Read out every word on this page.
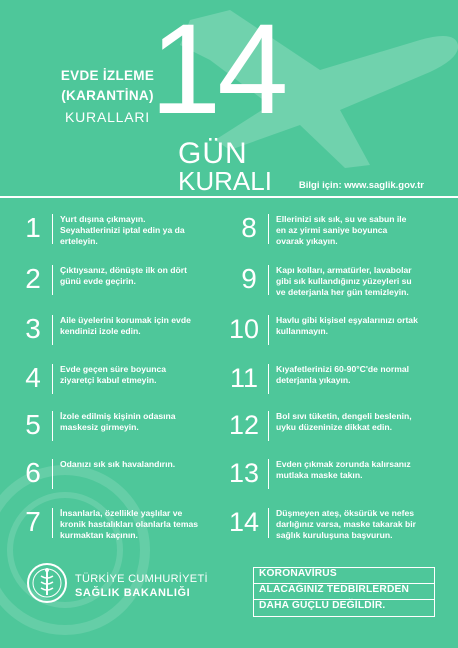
EVDE İZLEME
(KARANTİNA)
KURALLARI 14
GÜN
KURALI	Bilgi için: www.saglik.gov.tr
1	Yurt dışına çıkmayın. Seyahatlerinizi iptal edin ya da erteleyin.
2	Çıktıysanız, dönüşte ilk on dört günü evde geçirin.
3	Aile üyelerini korumak için evde kendinizi izole edin.
4	Evde geçen süre boyunca ziyaretçi kabul etmeyin.
5	İzole edilmiş kişinin odasına maskesiz girmeyin.
6	Odanızı sık sık havalandırın.
7	İnsanlarla, özellikle yaşlılar ve kronik hastalıkları olanlarla temas kurmaktan kaçının.
8	Ellerinizi sık sık, su ve sabun ile en az yirmi saniye boyunca ovarak yıkayın.
9	Kapı kolları, armatürler, lavabolar gibi sık kullandığınız yüzeyleri su ve deterjanla her gün temizleyin.
10	Havlu gibi kişisel eşyalarınızı ortak kullanmayın.
11	Kıyafetlerinizi 60-90°C'de normal deterjanla yıkayın.
12	Bol sıvı tüketin, dengeli beslenin, uyku düzeninize dikkat edin.
13	Evden çıkmak zorunda kalırsanız mutlaka maske takın.
14	Düşmeyen ateş, öksürük ve nefes darlığınız varsa, maske takarak bir sağlık kuruluşuna başvurun.
TÜRKİYE CUMHURİYETİ
SAĞLIK BAKANLIĞI
KORONAVİRÜS
ALACAĞINIZ TEDBİRLERDEN
DAHA GÜÇLÜ DEĞİLDİR.
